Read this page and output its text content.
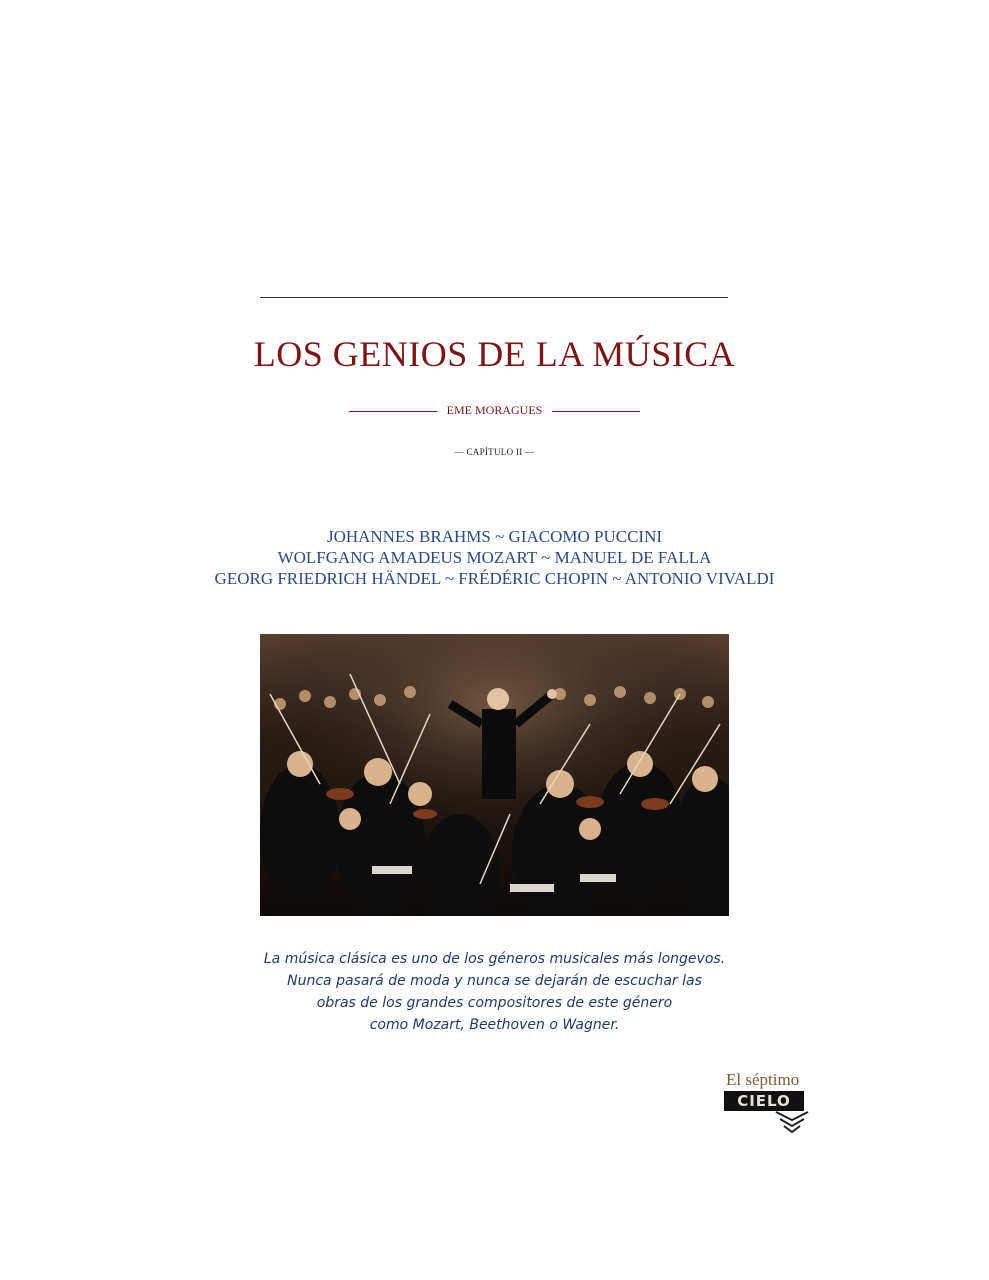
LOS GENIOS DE LA MÚSICA
EME MORAGUES
— CAPÍTULO II —
JOHANNES BRAHMS ~ GIACOMO PUCCINI
WOLFGANG AMADEUS MOZART ~ MANUEL DE FALLA
GEORG FRIEDRICH HÄNDEL ~ FRÉDÉRIC CHOPIN ~ ANTONIO VIVALDI
La música clásica es uno de los géneros musicales más longevos.
Nunca pasará de moda y nunca se dejarán de escuchar las
obras de los grandes compositores de este género
como Mozart, Beethoven o Wagner.
El séptimo
CIELO
